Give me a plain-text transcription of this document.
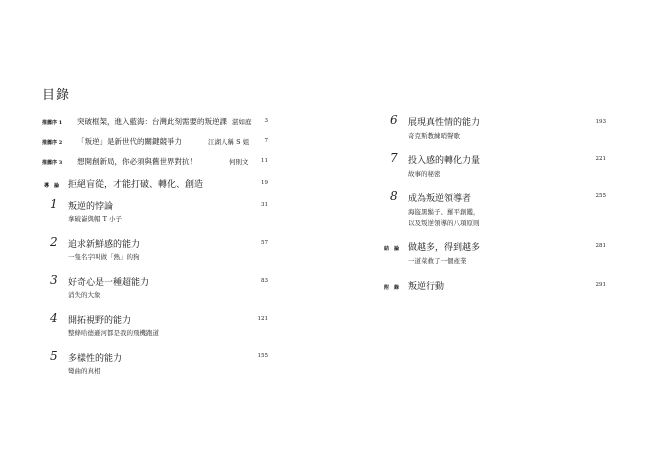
目錄
推薦序 1 突破框架，進入藍海：台灣此刻需要的叛逆課 湛如庭	3
推薦序 2 「叛逆」是新世代的關鍵競爭力	江湖人稱 S 姐	7
推薦序 3 想開創新局，你必須與舊世界對抗！	何則文	11
導　論 拒絕盲從，才能打破、轉化、創造	19
1 叛逆的悖論
拿破崙與帽 T 小子
31
2 追求新鮮感的能力
一隻名字叫做「熱」的狗
57
3 好奇心是一種超能力
消失的大象
83
4 開拓視野的能力
整條哈德遜河都是我的飛機跑道
121
5 多樣性的能力
彎曲的真相
155
6 展現真性情的能力
奇克斯教練哨聲歌
193
7 投入感的轉化力量
故事的秘密
221
8 成為叛逆領導者
海盜黑鬍子、羅平創鑑，
以及叛逆領導的八項原則
255
結　論 做越多，得到越多
一道菜救了一個產業
281
附　錄 叛逆行動	291
